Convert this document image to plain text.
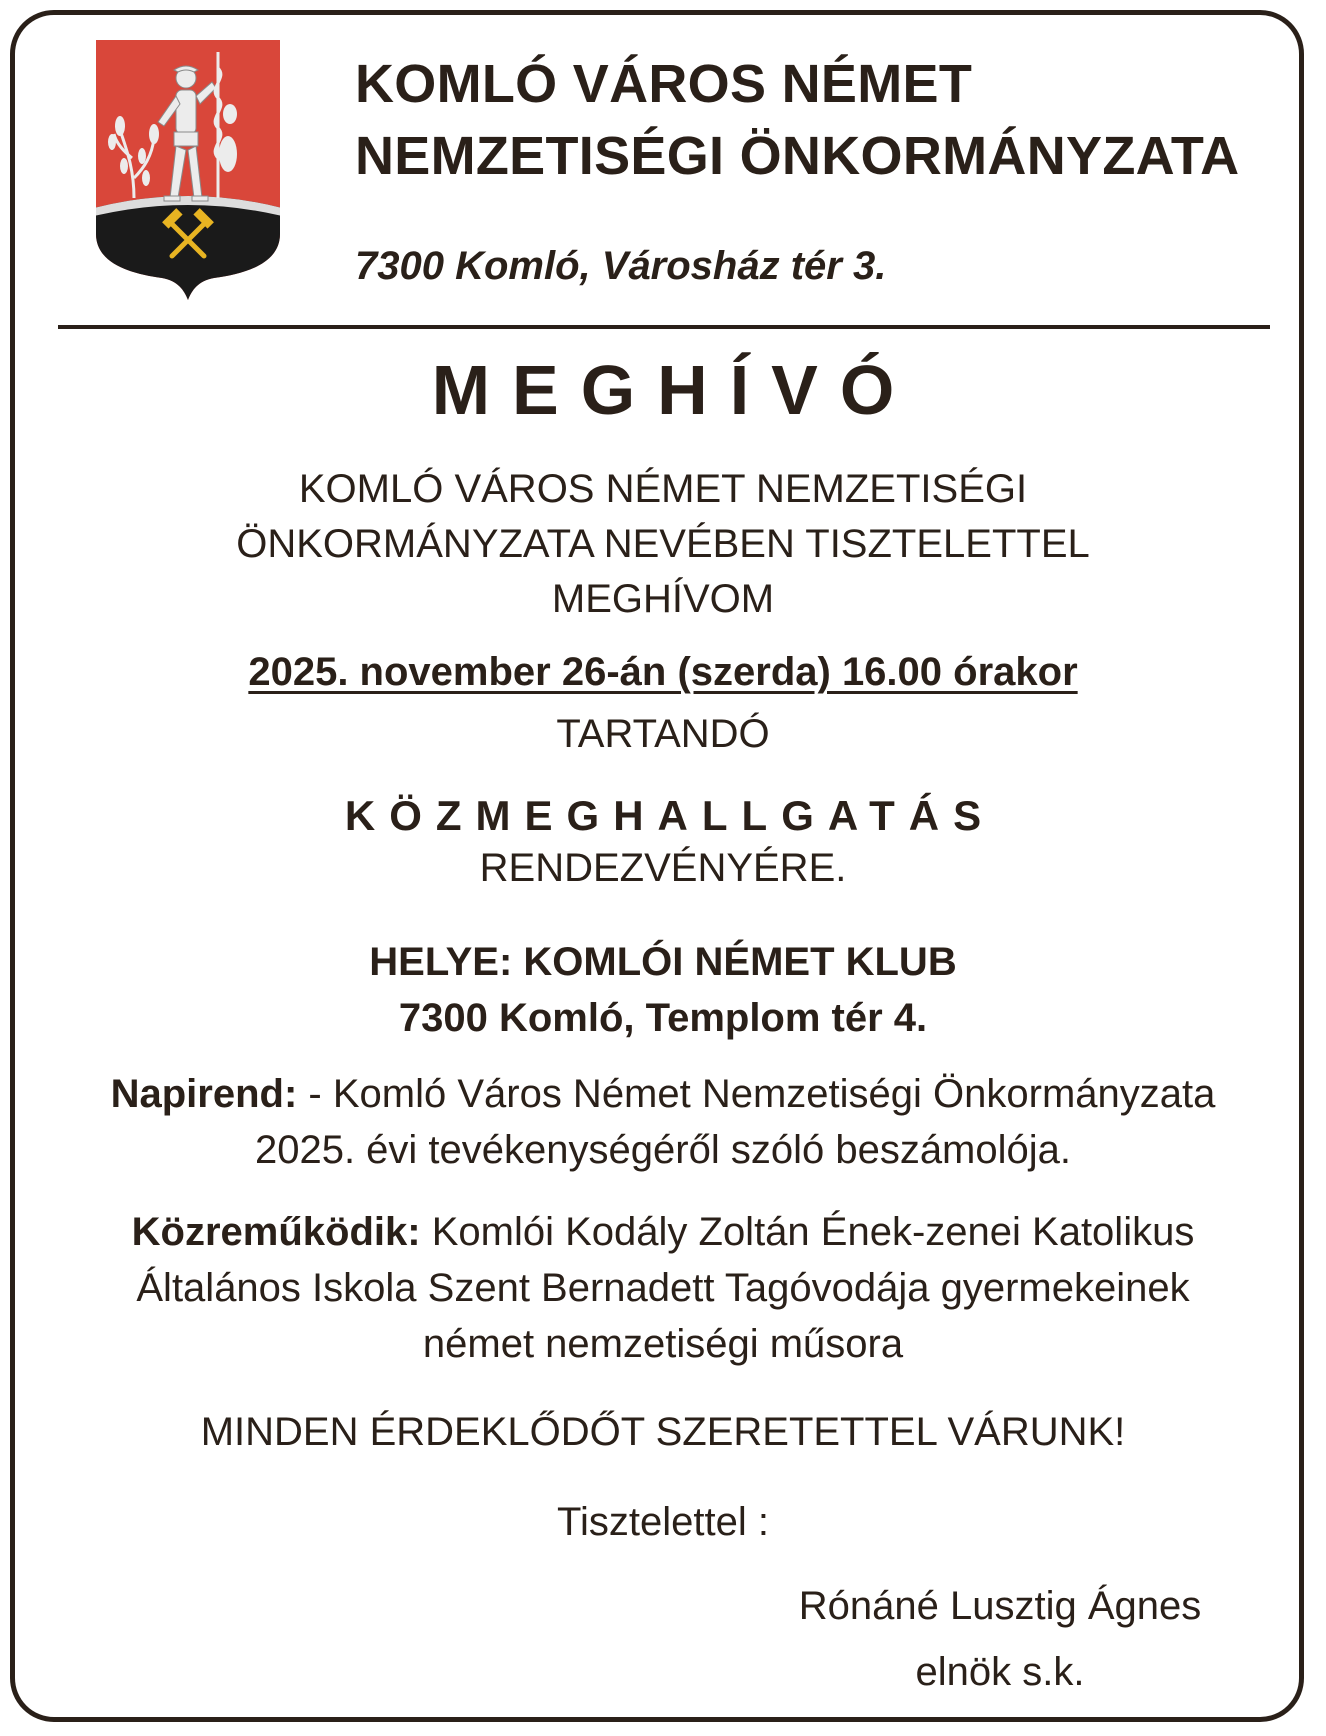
KOMLÓ VÁROS NÉMET
NEMZETISÉGI ÖNKORMÁNYZATA
7300 Komló, Városház tér 3.
MEGHÍVÓ
KOMLÓ VÁROS NÉMET NEMZETISÉGI
ÖNKORMÁNYZATA NEVÉBEN TISZTELETTEL
MEGHÍVOM
2025. november 26-án (szerda) 16.00 órakor
TARTANDÓ
KÖZMEGHALLGATÁS
RENDEZVÉNYÉRE.
HELYE: KOMLÓI NÉMET KLUB
7300 Komló, Templom tér 4.
Napirend: - Komló Város Német Nemzetiségi Önkormányzata
2025. évi tevékenységéről szóló beszámolója.
Közreműködik: Komlói Kodály Zoltán Ének-zenei Katolikus
Általános Iskola Szent Bernadett Tagóvodája gyermekeinek
német nemzetiségi műsora
MINDEN ÉRDEKLŐDŐT SZERETETTEL VÁRUNK!
Tisztelettel :
Rónáné Lusztig Ágnes
elnök s.k.
